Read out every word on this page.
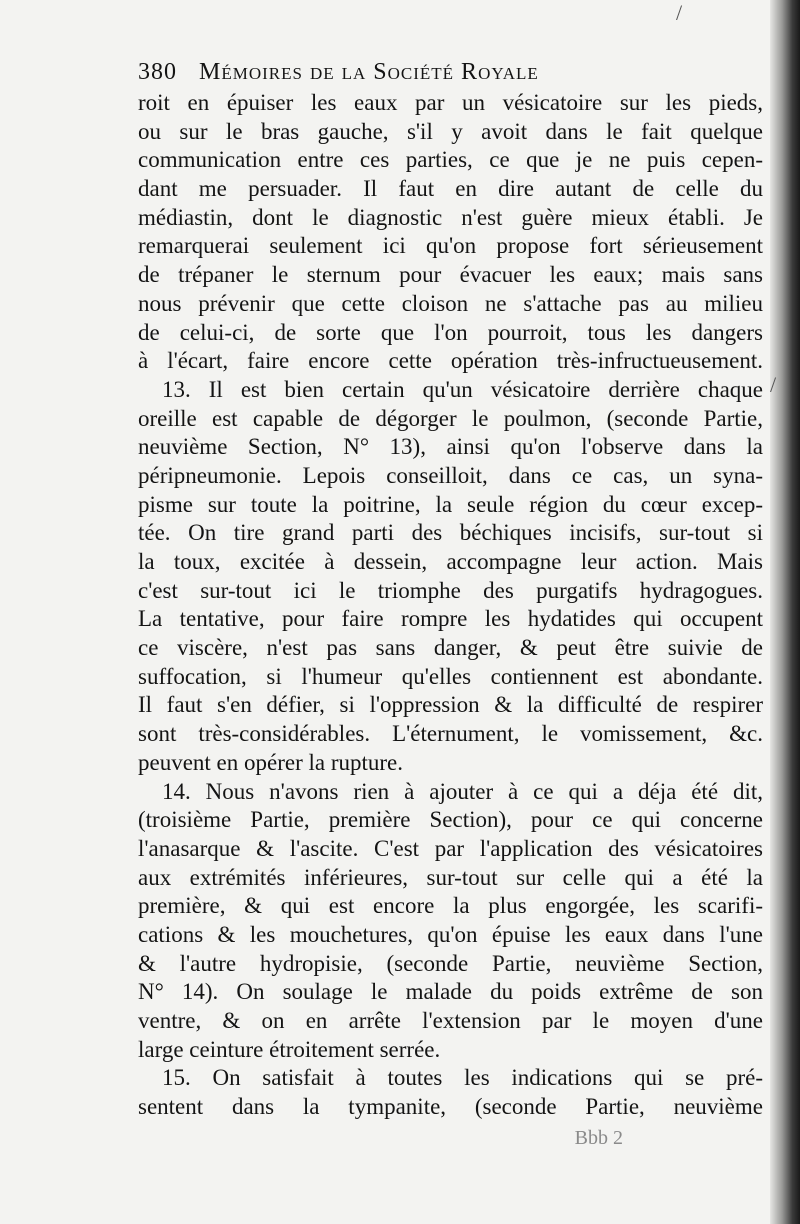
/
/
380 Mémoires de la Société Royale
roit en épuiser les eaux par un vésicatoire sur les pieds,
ou sur le bras gauche, s'il y avoit dans le fait quelque
communication entre ces parties, ce que je ne puis cepen-
dant me persuader. Il faut en dire autant de celle du
médiastin, dont le diagnostic n'est guère mieux établi. Je
remarquerai seulement ici qu'on propose fort sérieusement
de trépaner le sternum pour évacuer les eaux; mais sans
nous prévenir que cette cloison ne s'attache pas au milieu
de celui-ci, de sorte que l'on pourroit, tous les dangers
à l'écart, faire encore cette opération très-infructueusement.
13. Il est bien certain qu'un vésicatoire derrière chaque
oreille est capable de dégorger le poulmon, (seconde Partie,
neuvième Section, N° 13), ainsi qu'on l'observe dans la
péripneumonie. Lepois conseilloit, dans ce cas, un syna-
pisme sur toute la poitrine, la seule région du cœur excep-
tée. On tire grand parti des béchiques incisifs, sur-tout si
la toux, excitée à dessein, accompagne leur action. Mais
c'est sur-tout ici le triomphe des purgatifs hydragogues.
La tentative, pour faire rompre les hydatides qui occupent
ce viscère, n'est pas sans danger, & peut être suivie de
suffocation, si l'humeur qu'elles contiennent est abondante.
Il faut s'en défier, si l'oppression & la difficulté de respirer
sont très-considérables. L'éternument, le vomissement, &c.
peuvent en opérer la rupture.
14. Nous n'avons rien à ajouter à ce qui a déja été dit,
(troisième Partie, première Section), pour ce qui concerne
l'anasarque & l'ascite. C'est par l'application des vésicatoires
aux extrémités inférieures, sur-tout sur celle qui a été la
première, & qui est encore la plus engorgée, les scarifi-
cations & les mouchetures, qu'on épuise les eaux dans l'une
& l'autre hydropisie, (seconde Partie, neuvième Section,
N° 14). On soulage le malade du poids extrême de son
ventre, & on en arrête l'extension par le moyen d'une
large ceinture étroitement serrée.
15. On satisfait à toutes les indications qui se pré-
sentent dans la tympanite, (seconde Partie, neuvième
Bbb 2
